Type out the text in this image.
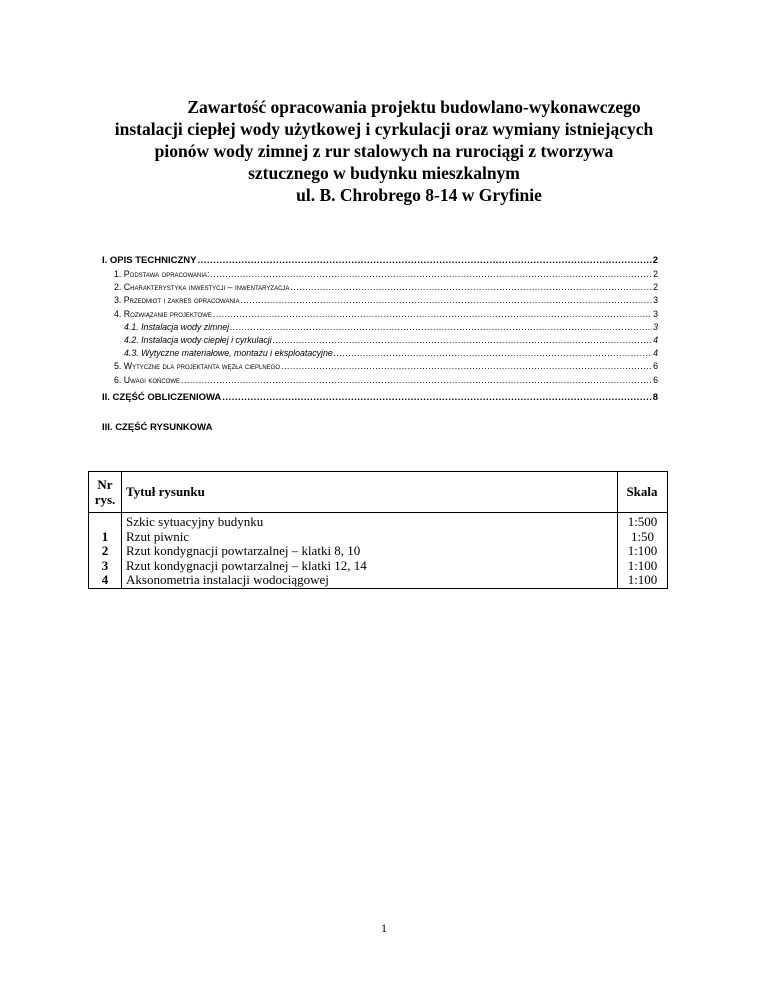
Zawartość opracowania projektu budowlano-wykonawczego
instalacji ciepłej wody użytkowej i cyrkulacji oraz wymiany istniejących
pionów wody zimnej z rur stalowych na rurociągi z tworzywa
sztucznego w budynku mieszkalnym
ul. B. Chrobrego 8-14 w Gryfinie
I. OPIS TECHNICZNY .....	2
1. Podstawa opracowania: .....	2
2. Charakterystyka inwestycji – inwentaryzacja .....	2
3. Przedmiot i zakres opracowania .....	3
4. Rozwiązanie projektowe .....	3
4.1. Instalacja wody zimnej .....	3
4.2. Instalacja wody ciepłej i cyrkulacji .....	4
4.3. Wytyczne materiałowe, montażu i eksploatacyjne .....	4
5. Wytyczne dla projektanta węzła cieplnego .....	6
6. Uwagi końcowe .....	6
II. CZĘŚĆ OBLICZENIOWA .....	8
III. CZĘŚĆ RYSUNKOWA
Nr
rys.	Tytuł rysunku	Skala
	Szkic sytuacyjny budynku	1:500
1	Rzut piwnic	1:50
2	Rzut kondygnacji powtarzalnej – klatki 8, 10	1:100
3	Rzut kondygnacji powtarzalnej – klatki 12, 14	1:100
4	Aksonometria instalacji wodociągowej	1:100
1
